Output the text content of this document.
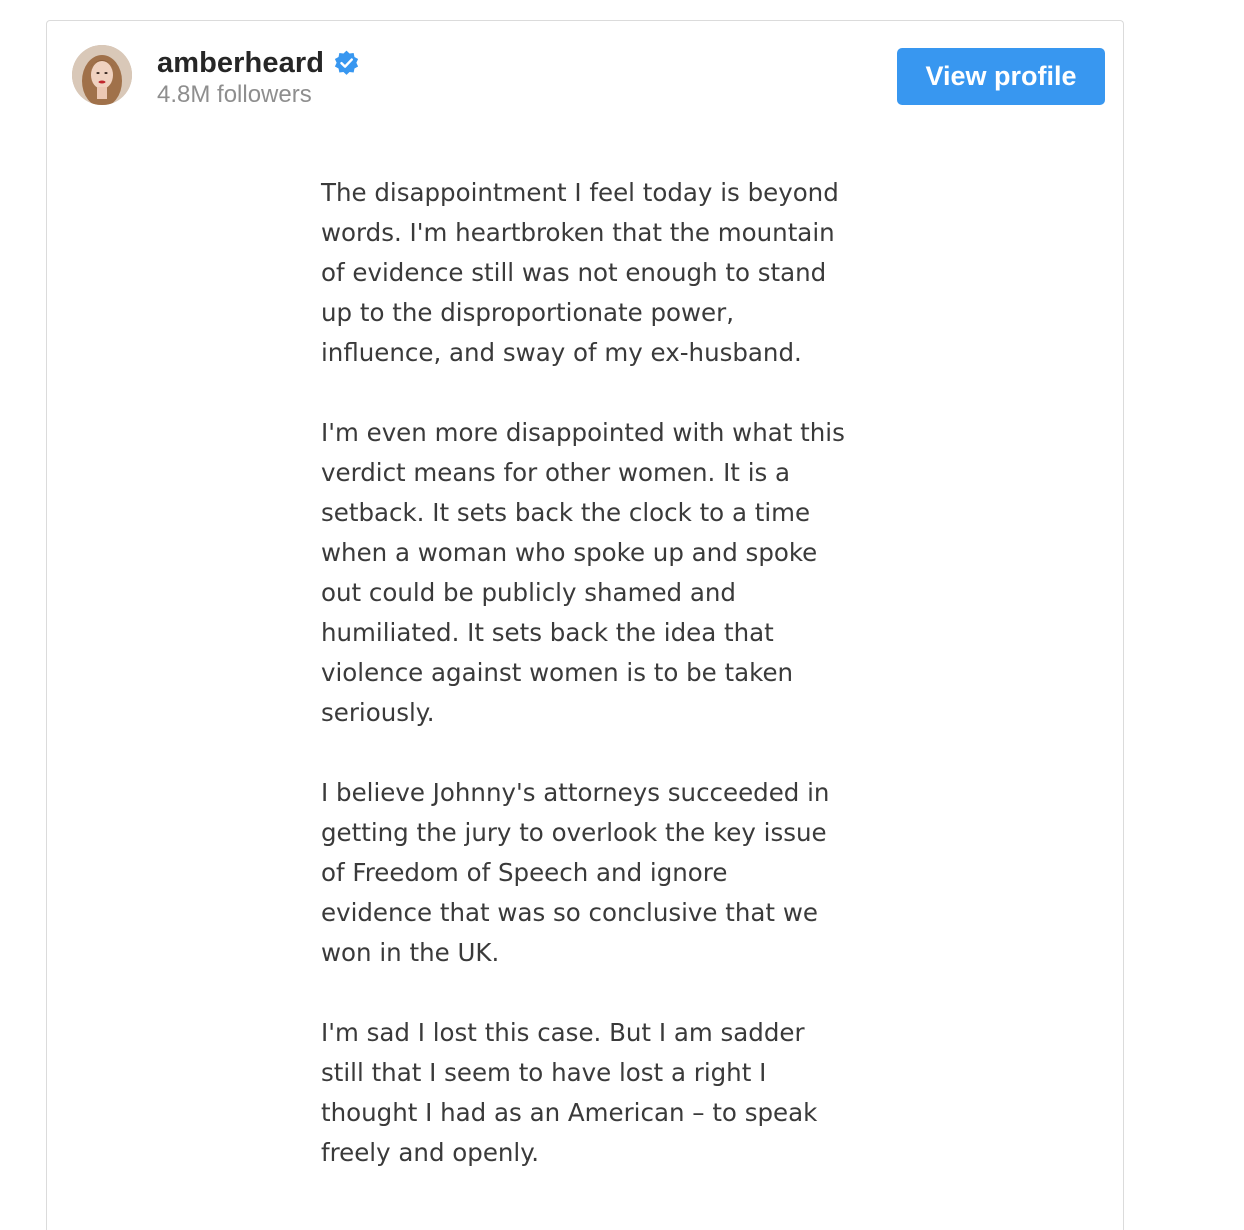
amberheard
4.8M followers
View profile

The disappointment I feel today is beyond
words. I'm heartbroken that the mountain
of evidence still was not enough to stand
up to the disproportionate power,
influence, and sway of my ex-husband.

I'm even more disappointed with what this
verdict means for other women. It is a
setback. It sets back the clock to a time
when a woman who spoke up and spoke
out could be publicly shamed and
humiliated. It sets back the idea that
violence against women is to be taken
seriously.

I believe Johnny's attorneys succeeded in
getting the jury to overlook the key issue
of Freedom of Speech and ignore
evidence that was so conclusive that we
won in the UK.

I'm sad I lost this case. But I am sadder
still that I seem to have lost a right I
thought I had as an American – to speak
freely and openly.
